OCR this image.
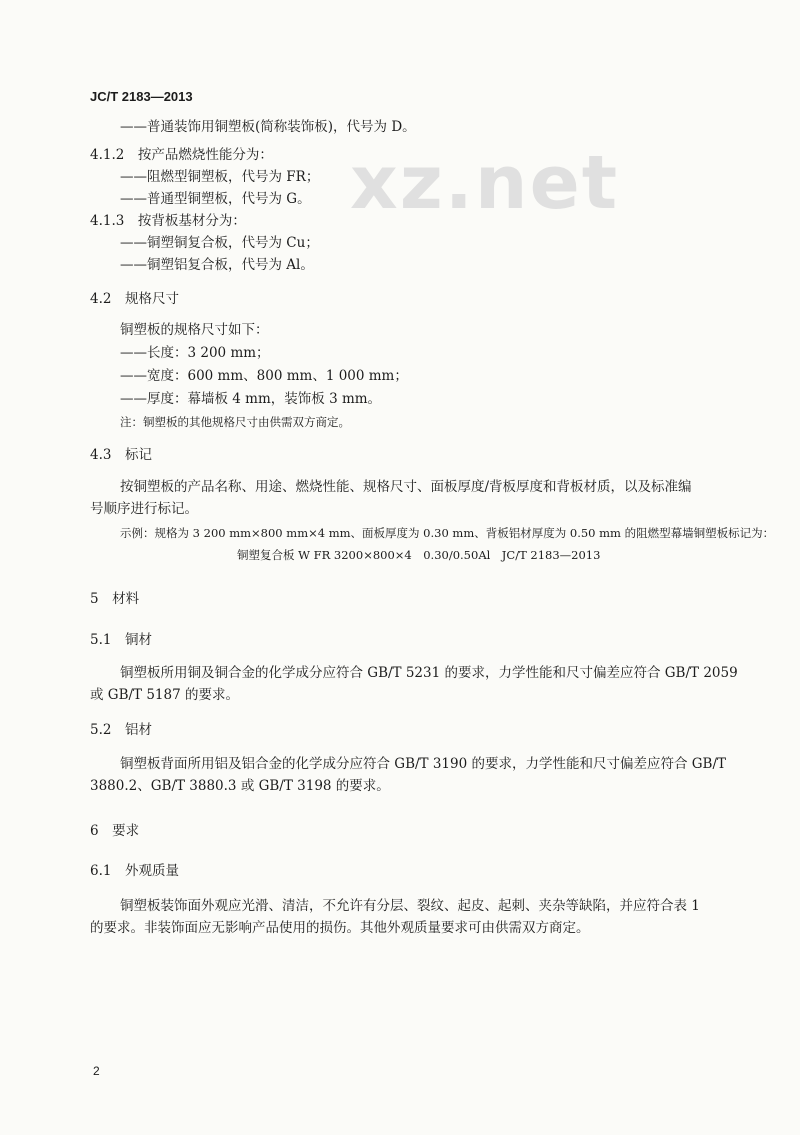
xz.net
JC/T 2183—2013
——普通装饰用铜塑板(简称装饰板)，代号为 D。
4.1.2　按产品燃烧性能分为：
——阻燃型铜塑板，代号为 FR；
——普通型铜塑板，代号为 G。
4.1.3　按背板基材分为：
——铜塑铜复合板，代号为 Cu；
——铜塑铝复合板，代号为 Al。
4.2　规格尺寸
铜塑板的规格尺寸如下：
——长度：3 200 mm；
——宽度：600 mm、800 mm、1 000 mm；
——厚度：幕墙板 4 mm，装饰板 3 mm。
注：铜塑板的其他规格尺寸由供需双方商定。
4.3　标记
按铜塑板的产品名称、用途、燃烧性能、规格尺寸、面板厚度/背板厚度和背板材质，以及标准编
号顺序进行标记。
示例：规格为 3 200 mm×800 mm×4 mm、面板厚度为 0.30 mm、背板铝材厚度为 0.50 mm 的阻燃型幕墙铜塑板标记为：
铜塑复合板 W FR 3200×800×4　0.30/0.50Al　JC/T 2183—2013
5　材料
5.1　铜材
铜塑板所用铜及铜合金的化学成分应符合 GB/T 5231 的要求，力学性能和尺寸偏差应符合 GB/T 2059
或 GB/T 5187 的要求。
5.2　铝材
铜塑板背面所用铝及铝合金的化学成分应符合 GB/T 3190 的要求，力学性能和尺寸偏差应符合 GB/T
3880.2、GB/T 3880.3 或 GB/T 3198 的要求。
6　要求
6.1　外观质量
铜塑板装饰面外观应光滑、清洁，不允许有分层、裂纹、起皮、起刺、夹杂等缺陷，并应符合表 1
的要求。非装饰面应无影响产品使用的损伤。其他外观质量要求可由供需双方商定。
2
